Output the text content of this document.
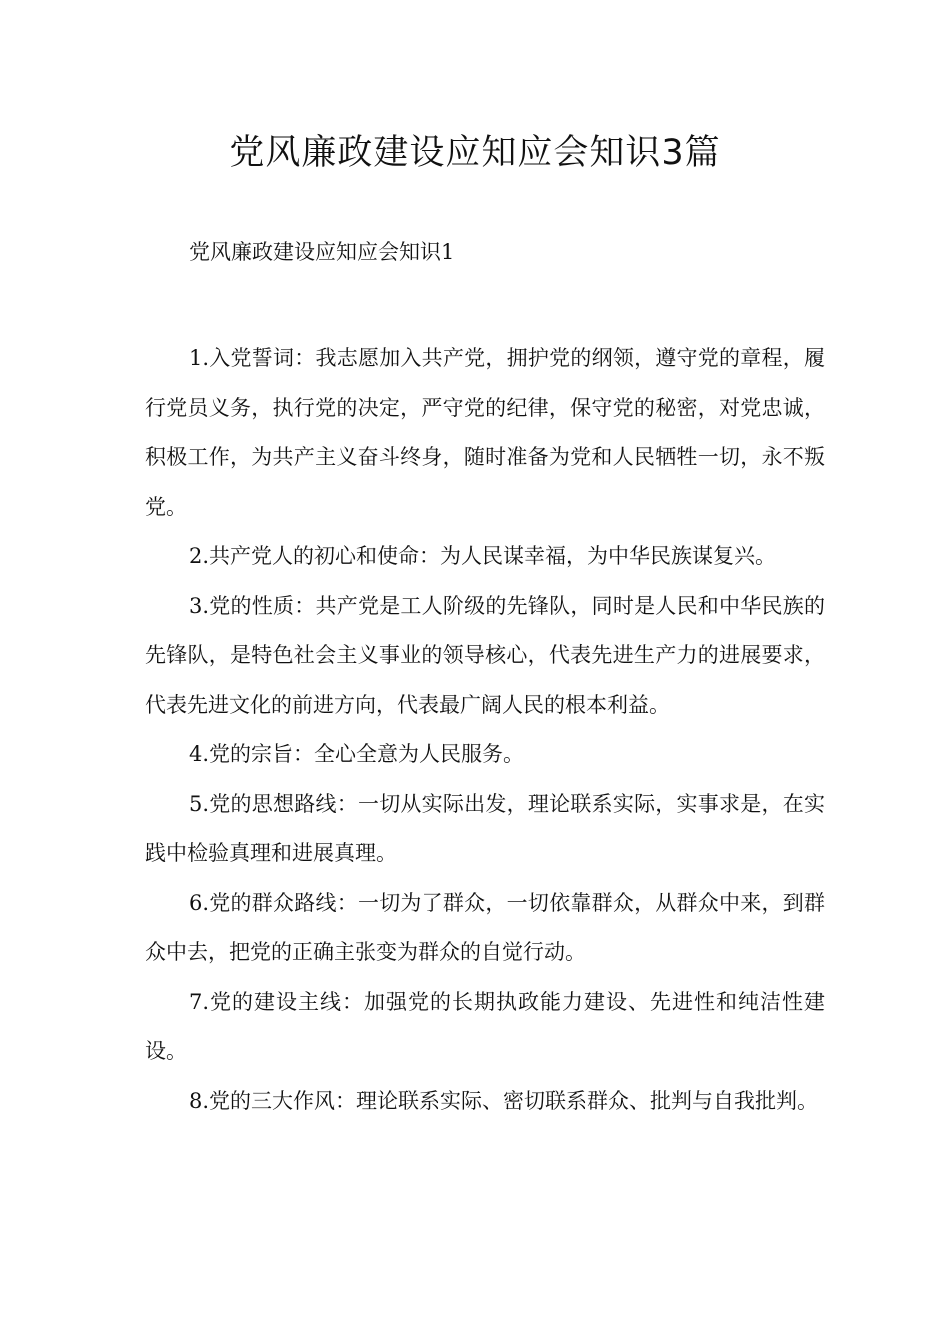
党风廉政建设应知应会知识3篇

党风廉政建设应知应会知识1

1.入党誓词：我志愿加入共产党，拥护党的纲领，遵守党的章程，履行党员义务，执行党的决定，严守党的纪律，保守党的秘密，对党忠诚，积极工作，为共产主义奋斗终身，随时准备为党和人民牺牲一切，永不叛党。

2.共产党人的初心和使命：为人民谋幸福，为中华民族谋复兴。

3.党的性质：共产党是工人阶级的先锋队，同时是人民和中华民族的先锋队，是特色社会主义事业的领导核心，代表先进生产力的进展要求，代表先进文化的前进方向，代表最广阔人民的根本利益。

4.党的宗旨：全心全意为人民服务。

5.党的思想路线：一切从实际出发，理论联系实际，实事求是，在实践中检验真理和进展真理。

6.党的群众路线：一切为了群众，一切依靠群众，从群众中来，到群众中去，把党的正确主张变为群众的自觉行动。

7.党的建设主线：加强党的长期执政能力建设、先进性和纯洁性建设。

8.党的三大作风：理论联系实际、密切联系群众、批判与自我批判。
